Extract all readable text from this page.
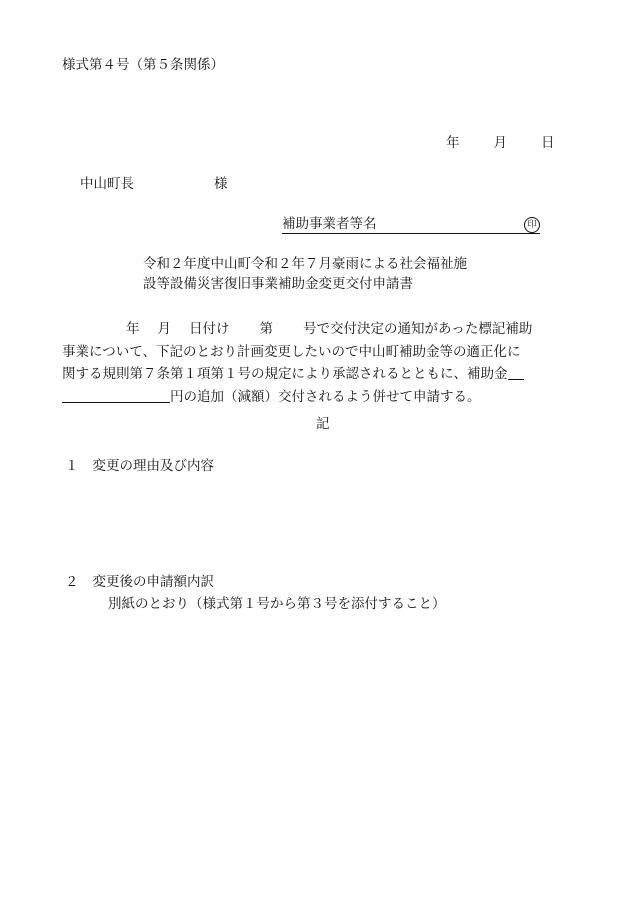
様式第４号（第５条関係）
年	月	日
中山町長	様
補助事業者等名	印
令和２年度中山町令和２年７月豪雨による社会福祉施
設等設備災害復旧事業補助金変更交付申請書
年 月 日付け 第 号で交付決定の通知があった標記補助
事業について、下記のとおり計画変更したいので中山町補助金等の適正化に
関する規則第７条第１項第１号の規定により承認されるとともに、補助金
円の追加（減額）交付されるよう併せて申請する。
記
１ 変更の理由及び内容
２ 変更後の申請額内訳
別紙のとおり（様式第１号から第３号を添付すること）
